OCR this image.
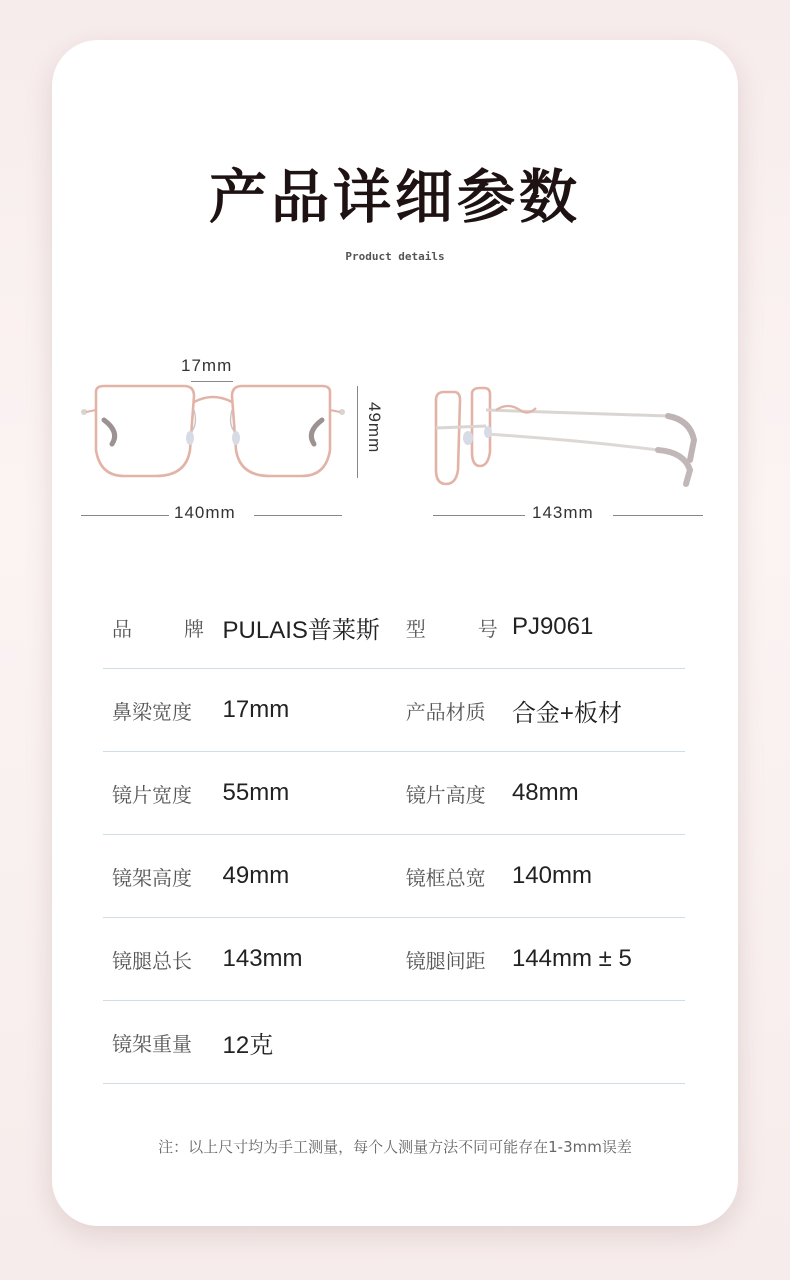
产品详细参数
Product details
17mm
49mm
140mm	143mm
品 牌	PULAIS普莱斯	型 号	PJ9061
鼻梁宽度	17mm	产品材质	合金+板材
镜片宽度	55mm	镜片高度	48mm
镜架高度	49mm	镜框总宽	140mm
镜腿总长	143mm	镜腿间距	144mm ± 5
镜架重量	12克		
注：以上尺寸均为手工测量，每个人测量方法不同可能存在1-3mm误差
